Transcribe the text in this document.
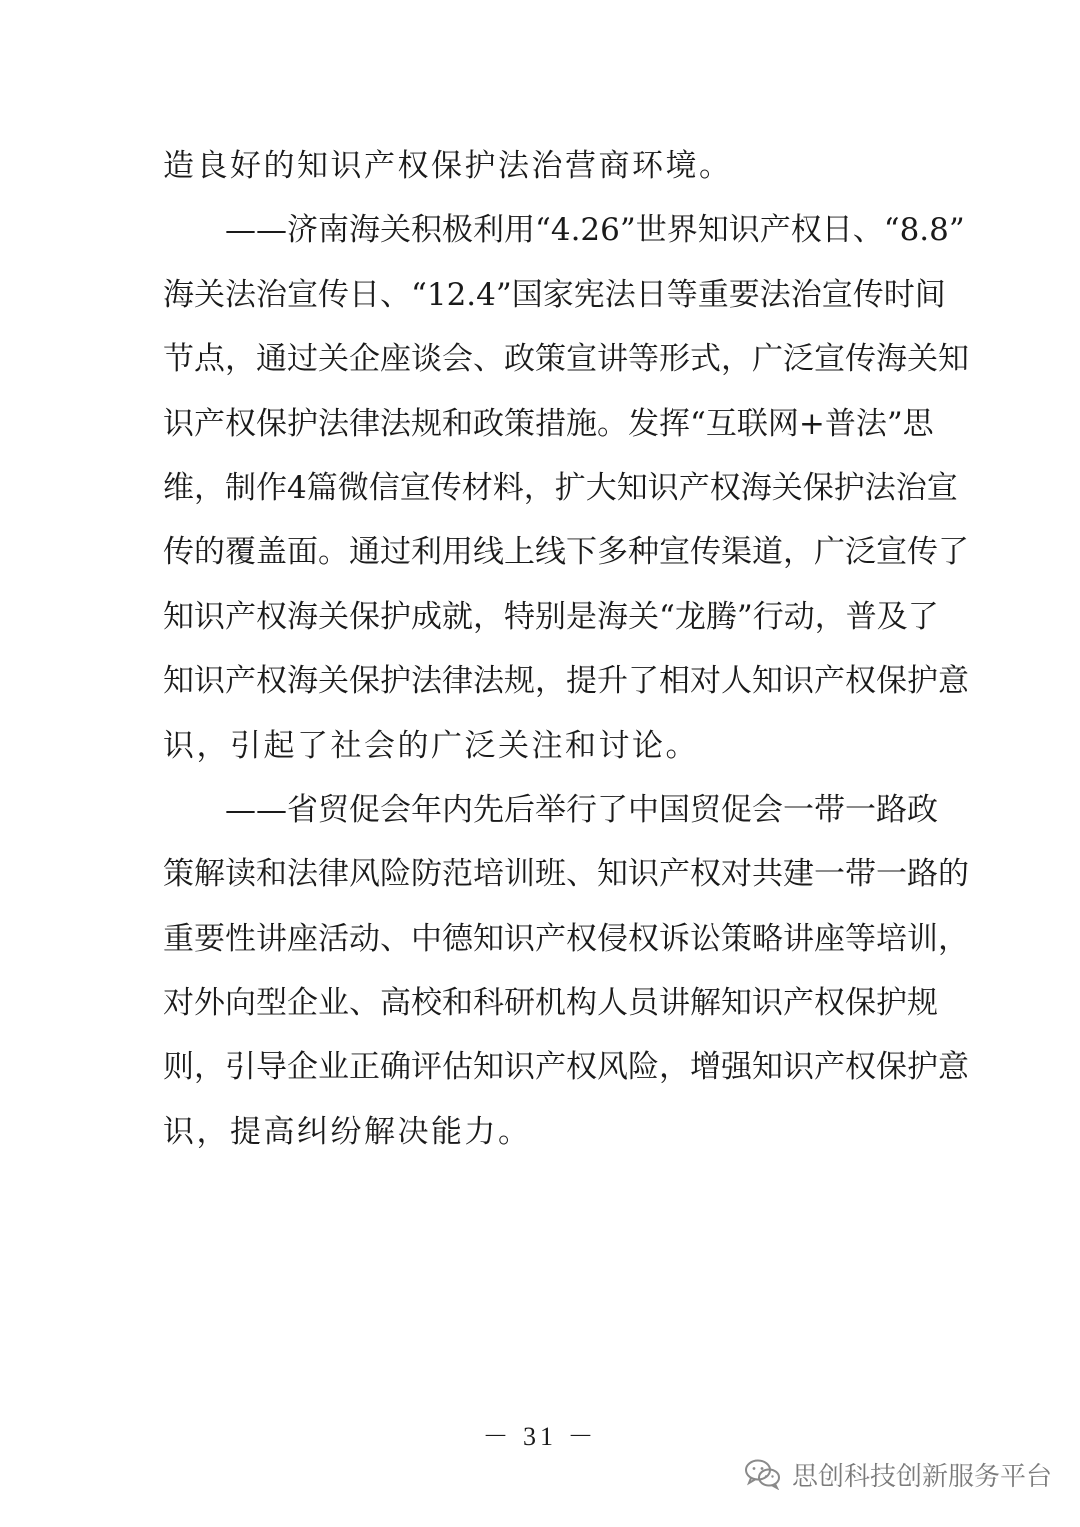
造良好的知识产权保护法治营商环境。
　　——济南海关积极利用“4.26”世界知识产权日、“8.8”
海关法治宣传日、“12.4”国家宪法日等重要法治宣传时间
节点，通过关企座谈会、政策宣讲等形式，广泛宣传海关知
识产权保护法律法规和政策措施。发挥“互联网+普法”思
维，制作4篇微信宣传材料，扩大知识产权海关保护法治宣
传的覆盖面。通过利用线上线下多种宣传渠道，广泛宣传了
知识产权海关保护成就，特别是海关“龙腾”行动，普及了
知识产权海关保护法律法规，提升了相对人知识产权保护意
识，引起了社会的广泛关注和讨论。
　　——省贸促会年内先后举行了中国贸促会一带一路政
策解读和法律风险防范培训班、知识产权对共建一带一路的
重要性讲座活动、中德知识产权侵权诉讼策略讲座等培训，
对外向型企业、高校和科研机构人员讲解知识产权保护规
则，引导企业正确评估知识产权风险，增强知识产权保护意
识，提高纠纷解决能力。
－ 31 －
思创科技创新服务平台
